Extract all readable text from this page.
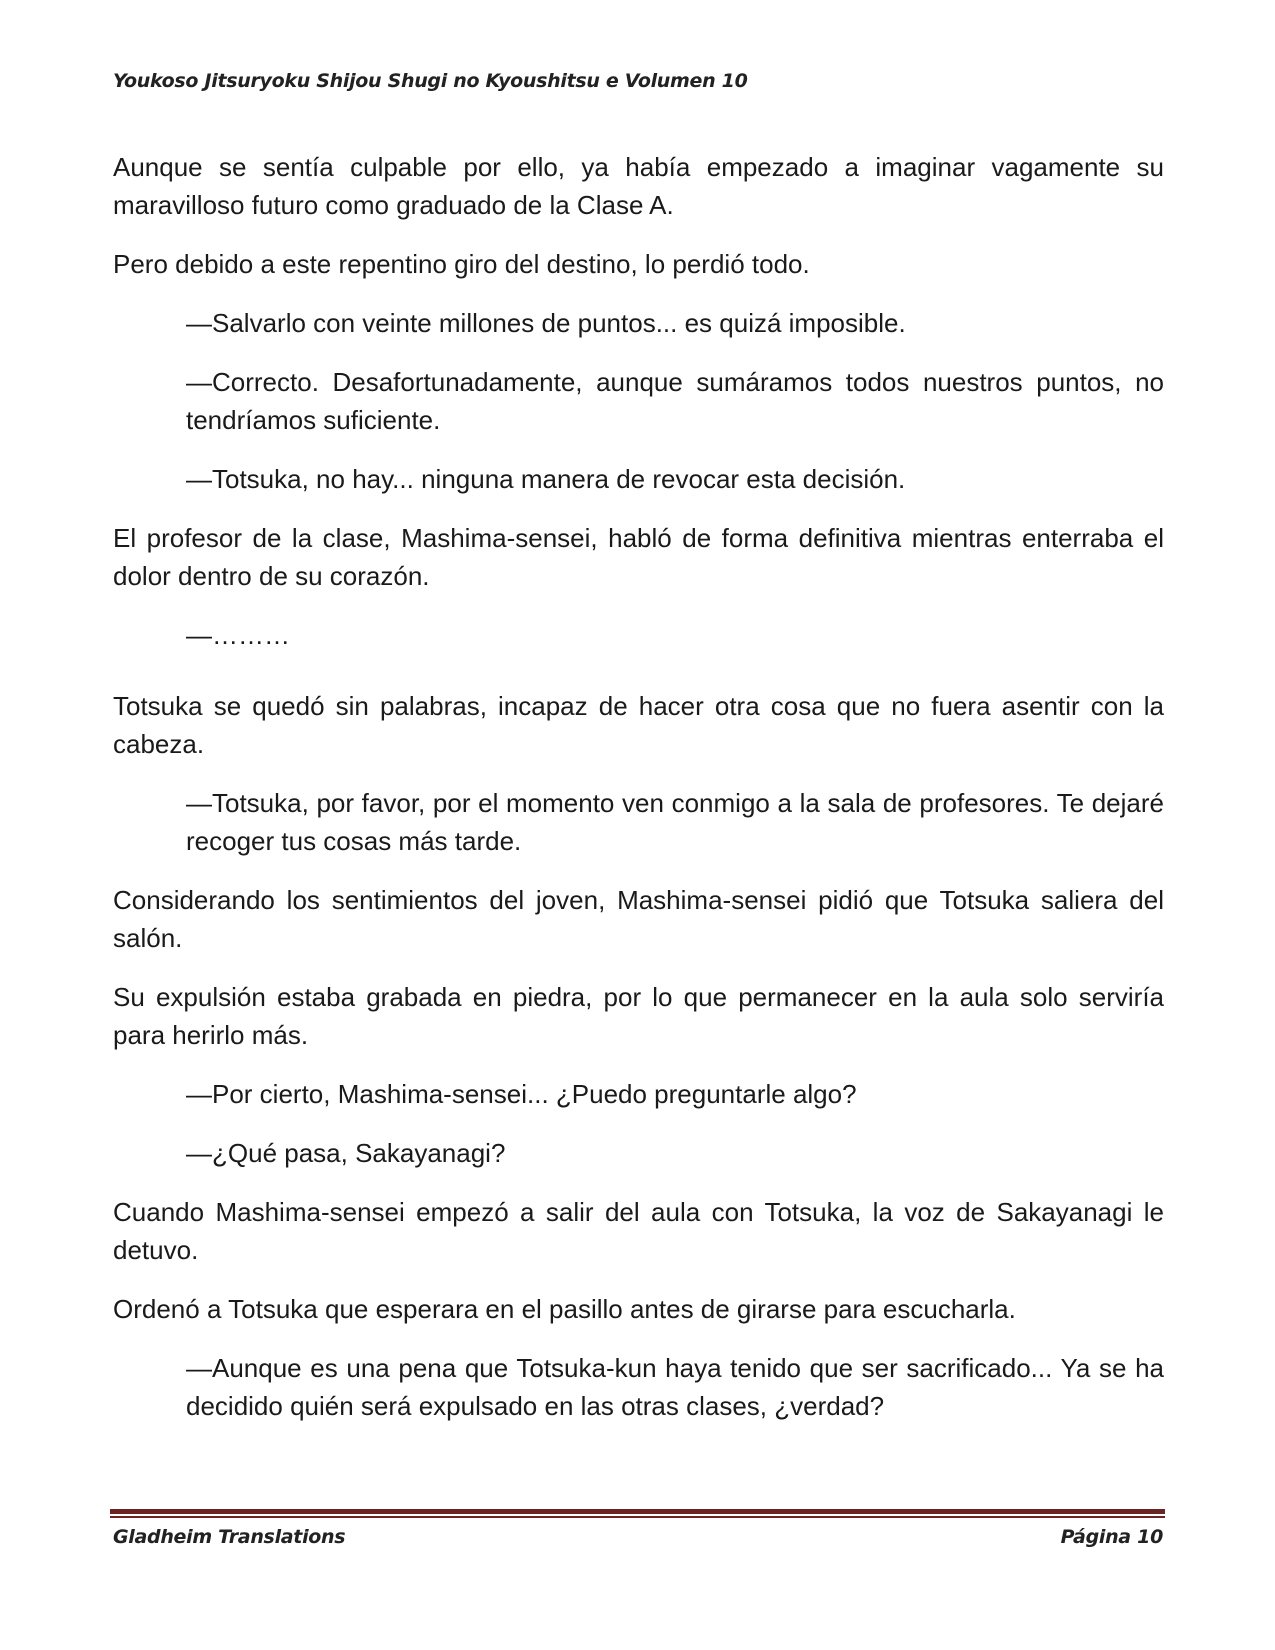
Youkoso Jitsuryoku Shijou Shugi no Kyoushitsu e Volumen 10

Aunque se sentía culpable por ello, ya había empezado a imaginar vagamente su maravilloso futuro como graduado de la Clase A.

Pero debido a este repentino giro del destino, lo perdió todo.

—Salvarlo con veinte millones de puntos... es quizá imposible.

—Correcto. Desafortunadamente, aunque sumáramos todos nuestros puntos, no tendríamos suficiente.

—Totsuka, no hay... ninguna manera de revocar esta decisión.

El profesor de la clase, Mashima-sensei, habló de forma definitiva mientras enterraba el dolor dentro de su corazón.

—………

Totsuka se quedó sin palabras, incapaz de hacer otra cosa que no fuera asentir con la cabeza.

—Totsuka, por favor, por el momento ven conmigo a la sala de profesores. Te dejaré recoger tus cosas más tarde.

Considerando los sentimientos del joven, Mashima-sensei pidió que Totsuka saliera del salón.

Su expulsión estaba grabada en piedra, por lo que permanecer en la aula solo serviría para herirlo más.

—Por cierto, Mashima-sensei... ¿Puedo preguntarle algo?

—¿Qué pasa, Sakayanagi?

Cuando Mashima-sensei empezó a salir del aula con Totsuka, la voz de Sakayanagi le detuvo.

Ordenó a Totsuka que esperara en el pasillo antes de girarse para escucharla.

—Aunque es una pena que Totsuka-kun haya tenido que ser sacrificado... Ya se ha decidido quién será expulsado en las otras clases, ¿verdad?

Gladheim Translations	Página 10
